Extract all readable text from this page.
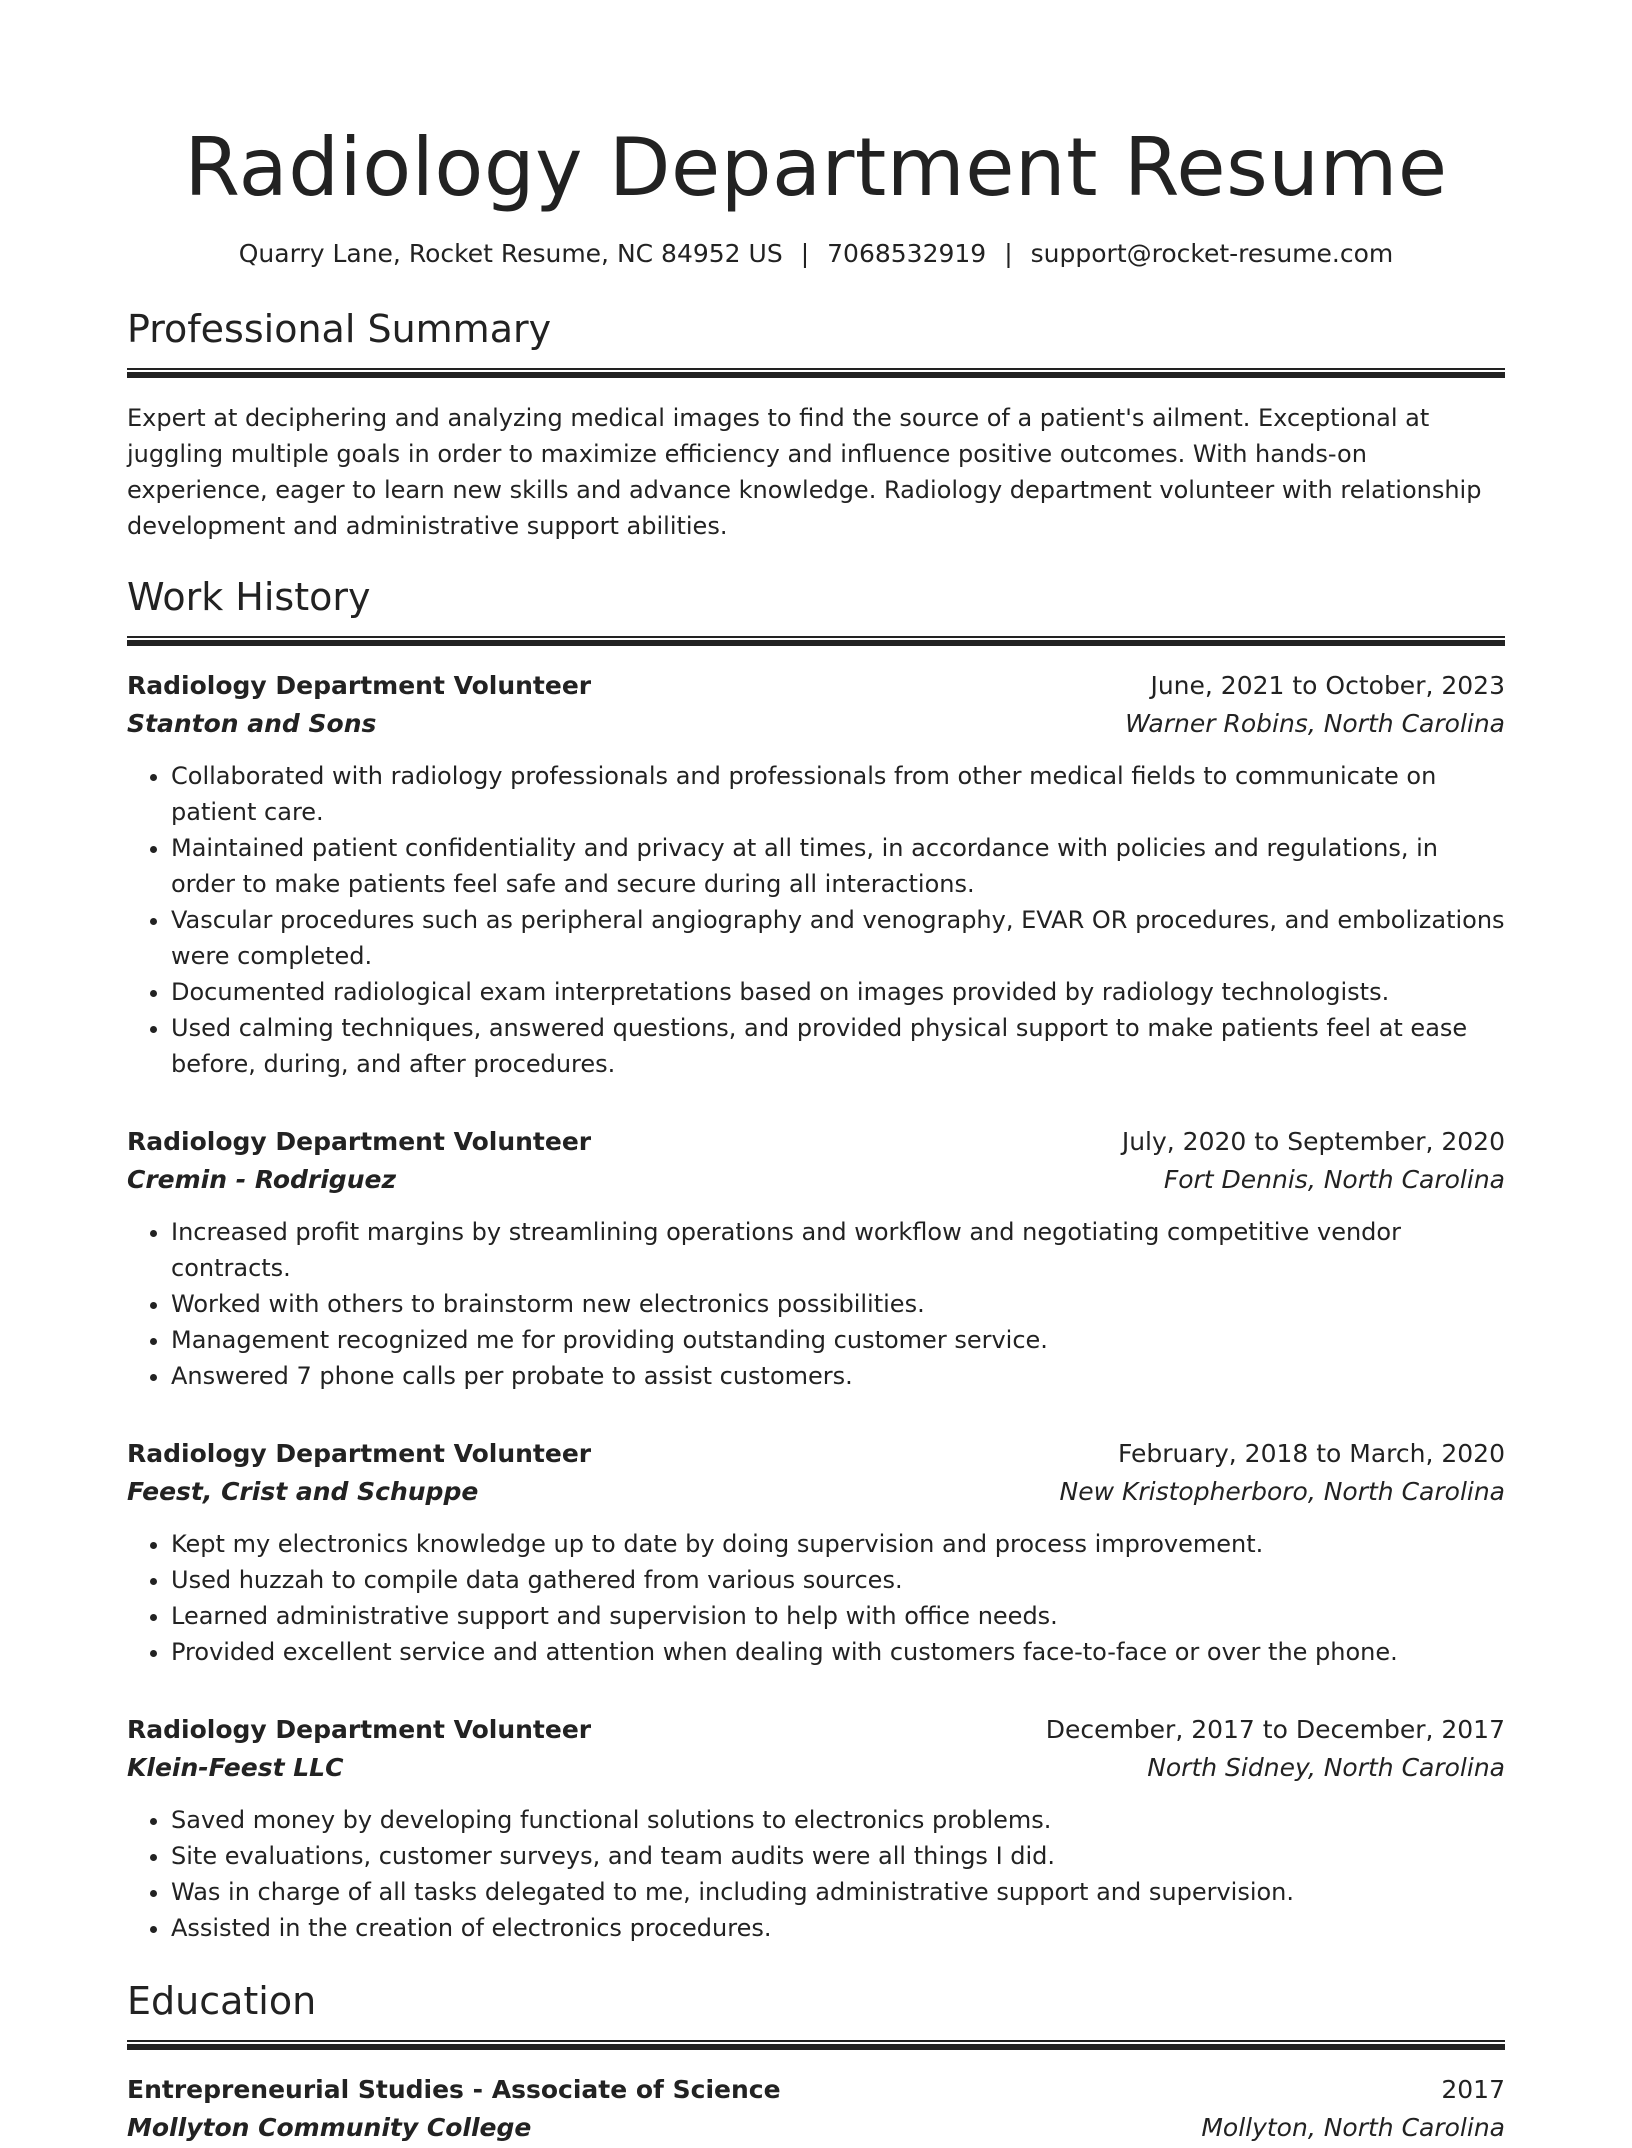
Radiology Department Resume
Quarry Lane, Rocket Resume, NC 84952 US | 7068532919 | support@rocket-resume.com
Professional Summary

Expert at deciphering and analyzing medical images to find the source of a patient's ailment. Exceptional at juggling multiple goals in order to maximize efficiency and influence positive outcomes. With hands-on experience, eager to learn new skills and advance knowledge. Radiology department volunteer with relationship development and administrative support abilities.

Work History
Radiology Department Volunteer	June, 2021 to October, 2023
Stanton and Sons	Warner Robins, North Carolina
• Collaborated with radiology professionals and professionals from other medical fields to communicate on patient care.
• Maintained patient confidentiality and privacy at all times, in accordance with policies and regulations, in order to make patients feel safe and secure during all interactions.
• Vascular procedures such as peripheral angiography and venography, EVAR OR procedures, and embolizations were completed.
• Documented radiological exam interpretations based on images provided by radiology technologists.
• Used calming techniques, answered questions, and provided physical support to make patients feel at ease before, during, and after procedures.
Radiology Department Volunteer	July, 2020 to September, 2020
Cremin - Rodriguez	Fort Dennis, North Carolina
• Increased profit margins by streamlining operations and workflow and negotiating competitive vendor contracts.
• Worked with others to brainstorm new electronics possibilities.
• Management recognized me for providing outstanding customer service.
• Answered 7 phone calls per probate to assist customers.
Radiology Department Volunteer	February, 2018 to March, 2020
Feest, Crist and Schuppe	New Kristopherboro, North Carolina
• Kept my electronics knowledge up to date by doing supervision and process improvement.
• Used huzzah to compile data gathered from various sources.
• Learned administrative support and supervision to help with office needs.
• Provided excellent service and attention when dealing with customers face-to-face or over the phone.
Radiology Department Volunteer	December, 2017 to December, 2017
Klein-Feest LLC	North Sidney, North Carolina
• Saved money by developing functional solutions to electronics problems.
• Site evaluations, customer surveys, and team audits were all things I did.
• Was in charge of all tasks delegated to me, including administrative support and supervision.
• Assisted in the creation of electronics procedures.
Education
Entrepreneurial Studies - Associate of Science	2017
Mollyton Community College	Mollyton, North Carolina
